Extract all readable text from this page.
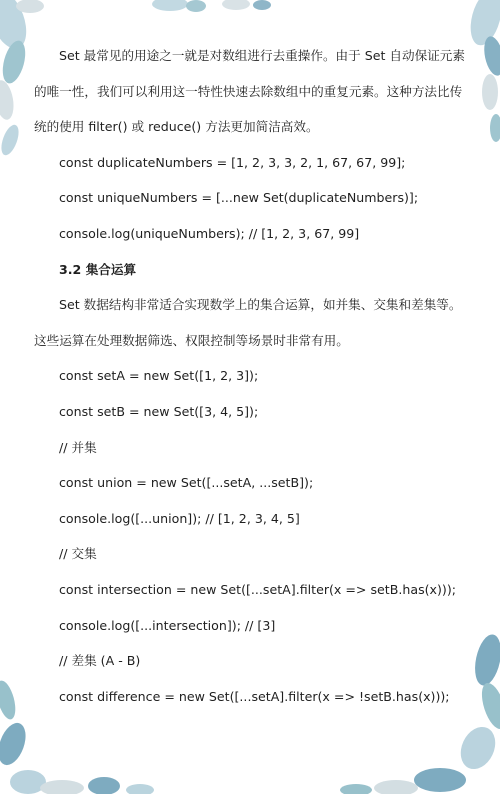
Set 最常见的用途之一就是对数组进行去重操作。由于 Set 自动保证元素
的唯一性，我们可以利用这一特性快速去除数组中的重复元素。这种方法比传
统的使用 filter() 或 reduce() 方法更加简洁高效。
const duplicateNumbers = [1, 2, 3, 3, 2, 1, 67, 67, 99];
const uniqueNumbers = [...new Set(duplicateNumbers)];
console.log(uniqueNumbers); // [1, 2, 3, 67, 99]
3.2 集合运算
Set 数据结构非常适合实现数学上的集合运算，如并集、交集和差集等。
这些运算在处理数据筛选、权限控制等场景时非常有用。
const setA = new Set([1, 2, 3]);
const setB = new Set([3, 4, 5]);
// 并集
const union = new Set([...setA, ...setB]);
console.log([...union]); // [1, 2, 3, 4, 5]
// 交集
const intersection = new Set([...setA].filter(x => setB.has(x)));
console.log([...intersection]); // [3]
// 差集 (A - B)
const difference = new Set([...setA].filter(x => !setB.has(x)));
